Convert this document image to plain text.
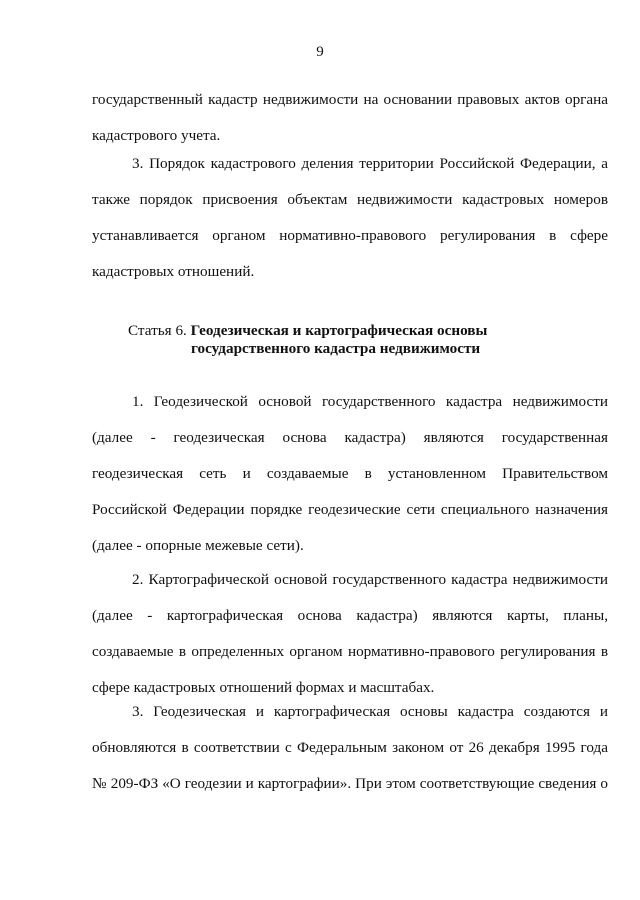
9
государственный кадастр недвижимости на основании правовых актов органа
кадастрового учета.
3. Порядок кадастрового деления территории Российской Федерации, а
также порядок присвоения объектам недвижимости кадастровых номеров
устанавливается органом нормативно-правового регулирования в сфере
кадастровых отношений.
Статья 6. Геодезическая и картографическая основы
государственного кадастра недвижимости
1. Геодезической основой государственного кадастра недвижимости
(далее - геодезическая основа кадастра) являются государственная
геодезическая сеть и создаваемые в установленном Правительством
Российской Федерации порядке геодезические сети специального назначения
(далее - опорные межевые сети).
2. Картографической основой государственного кадастра недвижимости
(далее - картографическая основа кадастра) являются карты, планы,
создаваемые в определенных органом нормативно-правового регулирования в
сфере кадастровых отношений формах и масштабах.
3. Геодезическая и картографическая основы кадастра создаются и
обновляются в соответствии с Федеральным законом от 26 декабря 1995 года
№ 209-ФЗ «О геодезии и картографии». При этом соответствующие сведения о
